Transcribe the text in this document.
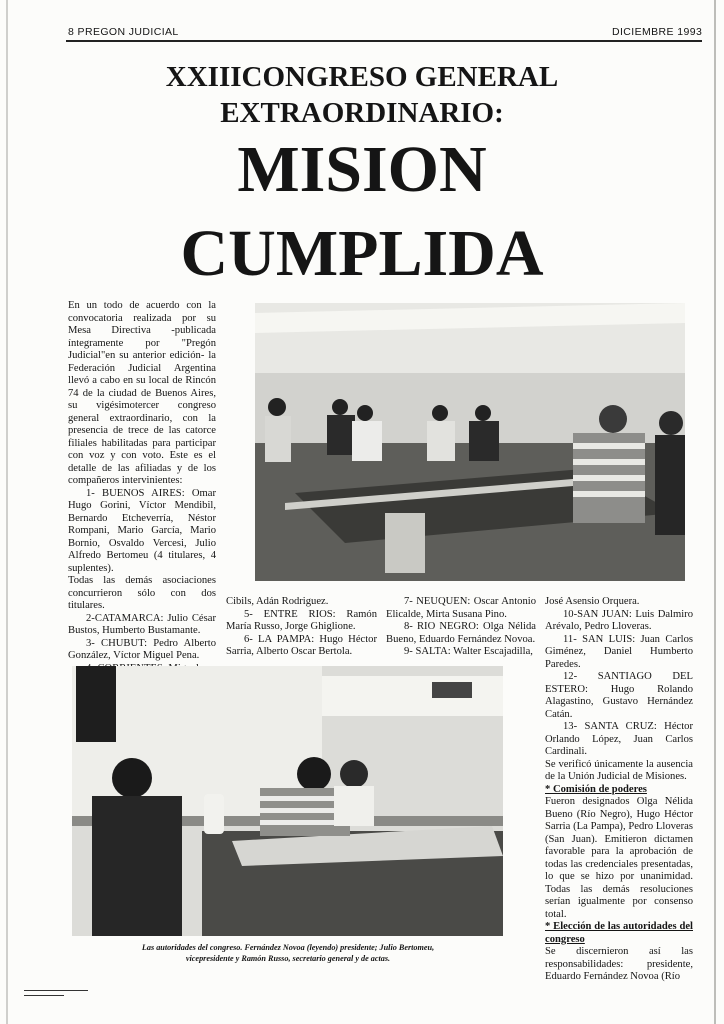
8 PREGON JUDICIAL	DICIEMBRE 1993
XXIIICONGRESO GENERAL
EXTRAORDINARIO:
MISION
CUMPLIDA

En un todo de acuerdo con la convocatoria realizada por su Mesa Directiva -publicada íntegramente por "Pregón Judicial"en su anterior edición- la Federación Judicial Argentina llevó a cabo en su local de Rincón 74 de la ciudad de Buenos Aires, su vigésimotercer congreso general extraordinario, con la presencia de trece de las catorce filiales habilitadas para participar con voz y con voto. Este es el detalle de las afiliadas y de los compañeros intervinientes:

1- BUENOS AIRES: Omar Hugo Gorini, Víctor Mendibil, Bernardo Etcheverría, Néstor Rompani, Mario García, Mario Bornio, Osvaldo Vercesi, Julio Alfredo Bertomeu (4 titulares, 4 suplentes).

Todas las demás asociaciones concurrieron sólo con dos titulares.

2-CATAMARCA: Julio César Bustos, Humberto Bustamante.

3- CHUBUT: Pedro Alberto González, Víctor Miguel Pena.

Cibils, Adán Rodriguez.

5- ENTRE RIOS: Ramón María Russo, Jorge Ghiglione.

6- LA PAMPA: Hugo Héctor Sarria, Alberto Oscar Bertola.

7- NEUQUEN: Oscar Antonio Elicalde, Mirta Susana Pino.

8- RIO NEGRO: Olga Nélida Bueno, Eduardo Fernández Novoa.

9- SALTA: Walter Escajadilla,

José Asensio Orquera.

10-SAN JUAN: Luis Dalmiro Arévalo, Pedro Lloveras.

11- SAN LUIS: Juan Carlos Giménez, Daniel Humberto Paredes.

12- SANTIAGO DEL ESTERO: Hugo Rolando Alagastino, Gustavo Hernández Catán.

13- SANTA CRUZ: Héctor Orlando López, Juan Carlos Cardinali.

Se verificó únicamente la ausencia de la Unión Judicial de Misiones.

* Comisión de poderes

Fueron designados Olga Nélida Bueno (Río Negro), Hugo Héctor Sarria (La Pampa), Pedro Lloveras (San Juan). Emitieron dictamen favorable para la aprobación de todas las credenciales presentadas, lo que se hizo por unanimidad. Todas las demás resoluciones serían igualmente por consenso total.

* Elección de las autoridades del congreso

Se discernieron así las responsabilidades: presidente, Eduardo Fernández Novoa (Río

Las autoridades del congreso. Fernández Novoa (leyendo) presidente; Julio Bertomeu, vicepresidente y Ramón Russo, secretario general y de actas.
